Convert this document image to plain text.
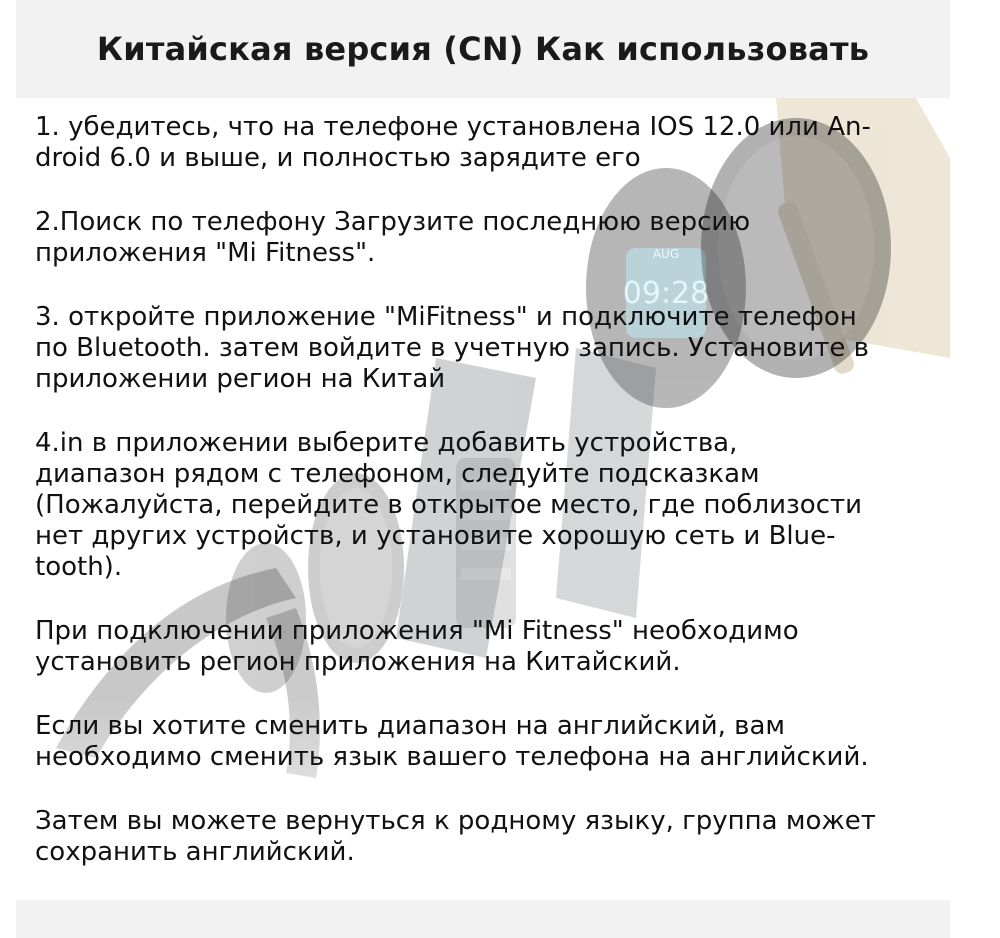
Китайская версия (CN) Как использовать

1. убедитесь, что на телефоне установлена IOS 12.0 или An-
droid 6.0 и выше, и полностью зарядите его

2.Поиск по телефону Загрузите последнюю версию
приложения "Mi Fitness".

3. откройте приложение "MiFitness" и подключите телефон
по Bluetooth. затем войдите в учетную запись. Установите в
приложении регион на Китай

4.in в приложении выберите добавить устройства,
диапазон рядом с телефоном, следуйте подсказкам
(Пожалуйста, перейдите в открытое место, где поблизости
нет других устройств, и установите хорошую сеть и Blue-
tooth).

При подключении приложения "Mi Fitness" необходимо
установить регион приложения на Китайский.

Если вы хотите сменить диапазон на английский, вам
необходимо сменить язык вашего телефона на английский.

Затем вы можете вернуться к родному языку, группа может
сохранить английский.
